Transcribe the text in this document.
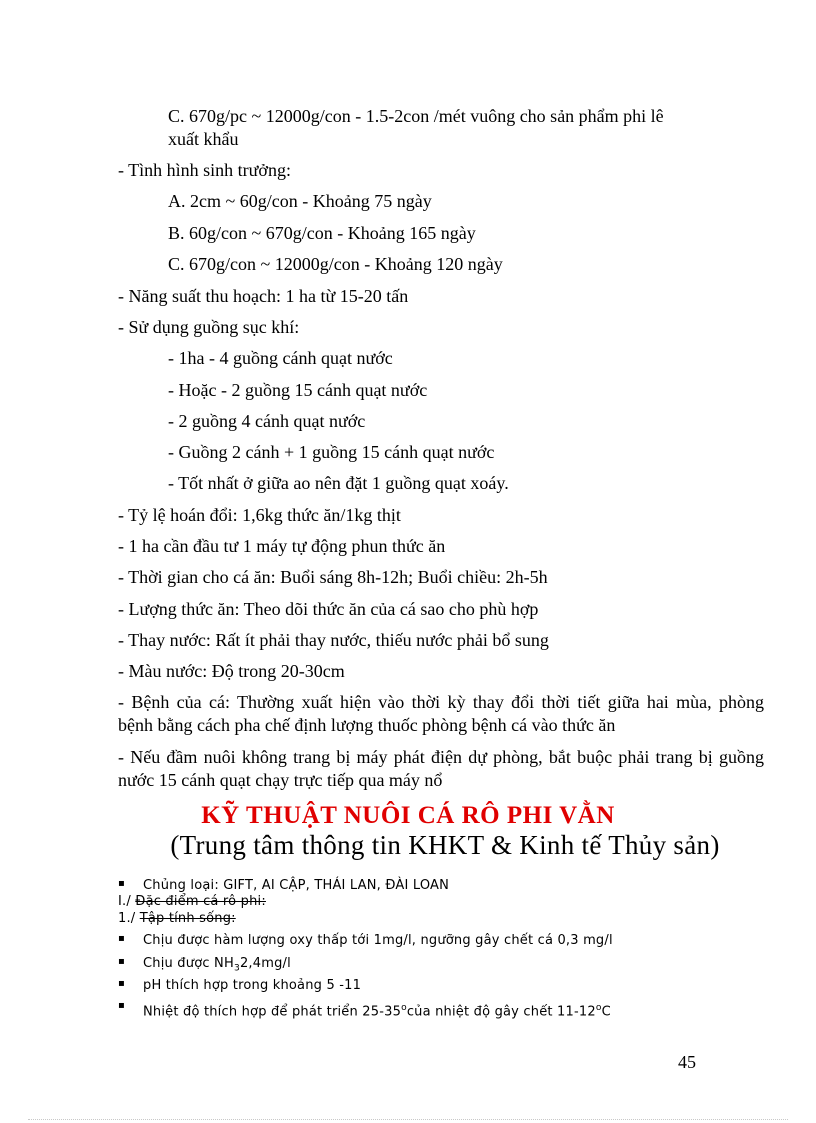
C. 670g/pc ~ 12000g/con - 1.5-2con /mét vuông cho sản phẩm phi lê
xuất khẩu
- Tình hình sinh trưởng:
A. 2cm ~ 60g/con - Khoảng 75 ngày
B. 60g/con ~ 670g/con - Khoảng 165 ngày
C. 670g/con ~ 12000g/con - Khoảng 120 ngày
- Năng suất thu hoạch: 1 ha từ 15-20 tấn
- Sử dụng guồng sục khí:
- 1ha - 4 guồng cánh quạt nước
- Hoặc - 2 guồng 15 cánh quạt nước
- 2 guồng 4 cánh quạt nước
- Guồng 2 cánh + 1 guồng 15 cánh quạt nước
- Tốt nhất ở giữa ao nên đặt 1 guồng quạt xoáy.
- Tỷ lệ hoán đổi: 1,6kg thức ăn/1kg thịt
- 1 ha cần đầu tư 1 máy tự động phun thức ăn
- Thời gian cho cá ăn: Buổi sáng 8h-12h; Buổi chiều: 2h-5h
- Lượng thức ăn: Theo dõi thức ăn của cá sao cho phù hợp
- Thay nước: Rất ít phải thay nước, thiếu nước phải bổ sung
- Màu nước: Độ trong 20-30cm
- Bệnh của cá: Thường xuất hiện vào thời kỳ thay đổi thời tiết giữa hai mùa, phòng
bệnh bằng cách pha chế định lượng thuốc phòng bệnh cá vào thức ăn
- Nếu đầm nuôi không trang bị máy phát điện dự phòng, bắt buộc phải trang bị guồng
nước 15 cánh quạt chạy trực tiếp qua máy nổ
KỸ THUẬT NUÔI CÁ RÔ PHI VẰN
(Trung tâm thông tin KHKT & Kinh tế Thủy sản)
▪ Chủng loại: GIFT, AI CẬP, THÁI LAN, ĐÀI LOAN
I./ Đặc điểm cá rô phi:
1./ Tập tính sống:
▪ Chịu được hàm lượng oxy thấp tới 1mg/l, ngưỡng gây chết cá 0,3 mg/l
▪ Chịu được $NH_32,4mg/l$
▪ pH thích hợp trong khoảng 5 -11
▪ Nhiệt độ thích hợp để phát triển 25-35$^o$của nhiệt độ gây chết 11-12$^o$C
45
